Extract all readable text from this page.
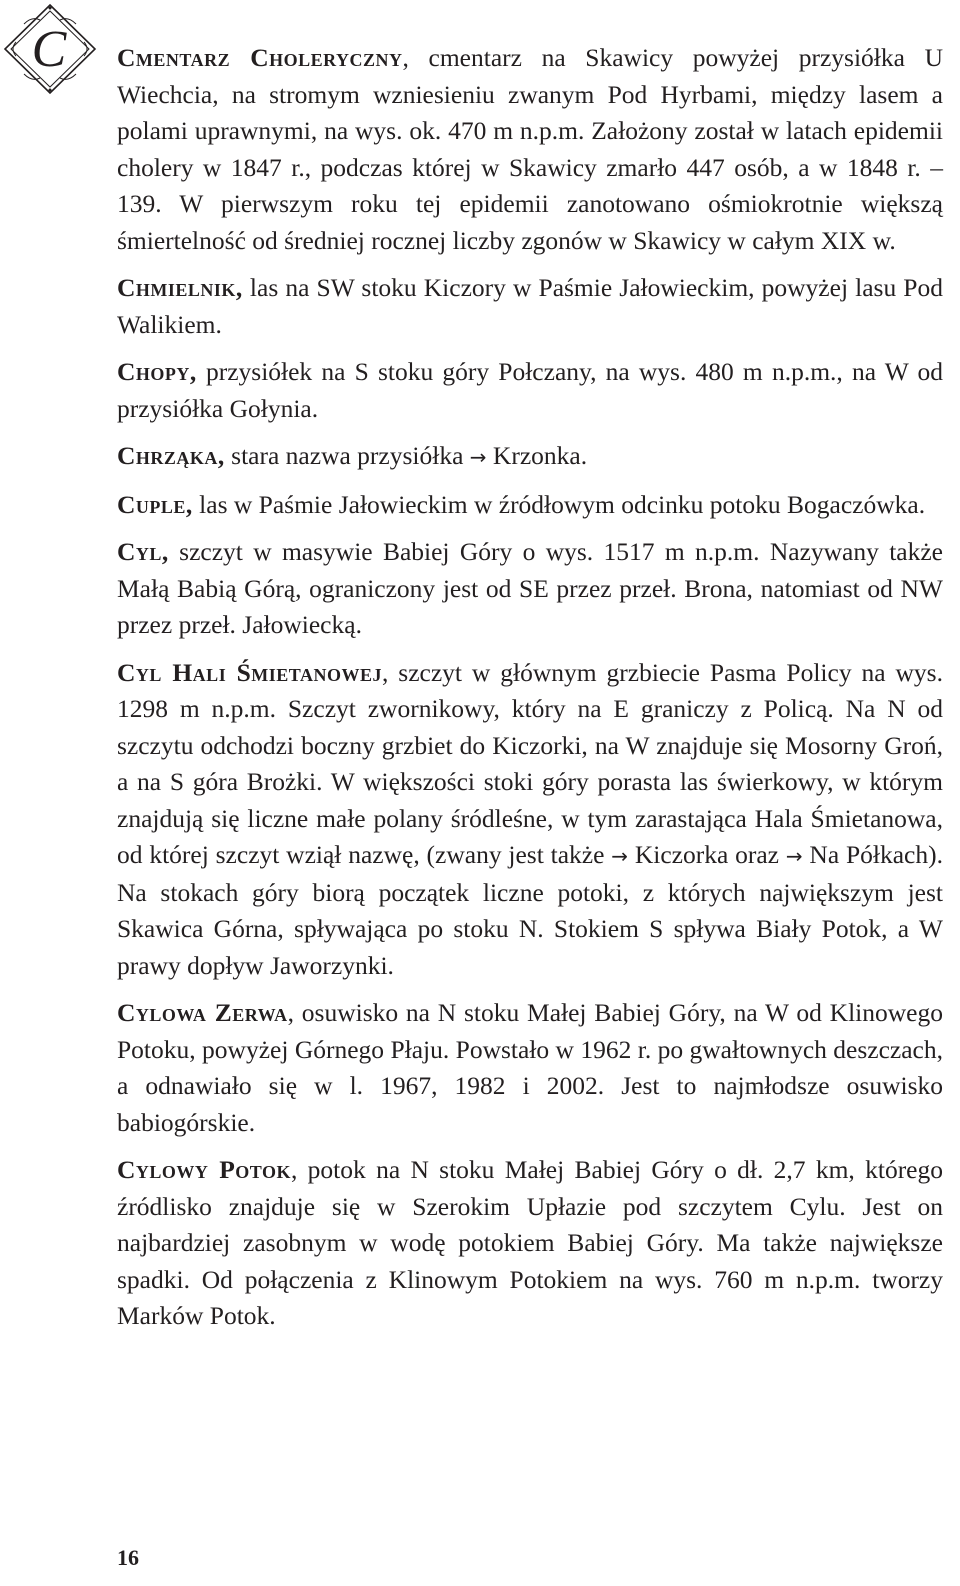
C Cmentarz Choleryczny, cmentarz na Skawicy powyżej przysiółka U Wiechcia, na stromym wzniesieniu zwanym Pod Hyrbami, między lasem a polami uprawnymi, na wys. ok. 470 m n.p.m. Założony został w latach epidemii cholery w 1847 r., podczas której w Skawicy zmarło 447 osób, a w 1848 r. – 139. W pierwszym roku tej epidemii zanotowano ośmiokrotnie większą śmiertelność od średniej rocznej liczby zgonów w Skawicy w całym XIX w.

Chmielnik, las na SW stoku Kiczory w Paśmie Jałowieckim, powyżej lasu Pod Walikiem.

Chopy, przysiółek na S stoku góry Połczany, na wys. 480 m n.p.m., na W od przysiółka Gołynia.

Chrząka, stara nazwa przysiółka → Krzonka.

Cuple, las w Paśmie Jałowieckim w źródłowym odcinku potoku Bogaczówka.

Cyl, szczyt w masywie Babiej Góry o wys. 1517 m n.p.m. Nazywany także Małą Babią Górą, ograniczony jest od SE przez przeł. Brona, natomiast od NW przez przeł. Jałowiecką.

Cyl Hali Śmietanowej, szczyt w głównym grzbiecie Pasma Policy na wys. 1298 m n.p.m. Szczyt zwornikowy, który na E graniczy z Policą. Na N od szczytu odchodzi boczny grzbiet do Kiczorki, na W znajduje się Mosorny Groń, a na S góra Brożki. W większości stoki góry porasta las świerkowy, w którym znajdują się liczne małe polany śródleśne, w tym zarastająca Hala Śmietanowa, od której szczyt wziął nazwę, (zwany jest także → Kiczorka oraz → Na Półkach). Na stokach góry biorą początek liczne potoki, z których największym jest Skawica Górna, spływająca po stoku N. Stokiem S spływa Biały Potok, a W prawy dopływ Jaworzynki.

Cylowa Zerwa, osuwisko na N stoku Małej Babiej Góry, na W od Klinowego Potoku, powyżej Górnego Płaju. Powstało w 1962 r. po gwałtownych deszczach, a odnawiało się w l. 1967, 1982 i 2002. Jest to najmłodsze osuwisko babiogórskie.

Cylowy Potok, potok na N stoku Małej Babiej Góry o dł. 2,7 km, którego źródlisko znajduje się w Szerokim Upłazie pod szczytem Cylu. Jest on najbardziej zasobnym w wodę potokiem Babiej Góry. Ma także największe spadki. Od połączenia z Klinowym Potokiem na wys. 760 m n.p.m. tworzy Marków Potok.

16
